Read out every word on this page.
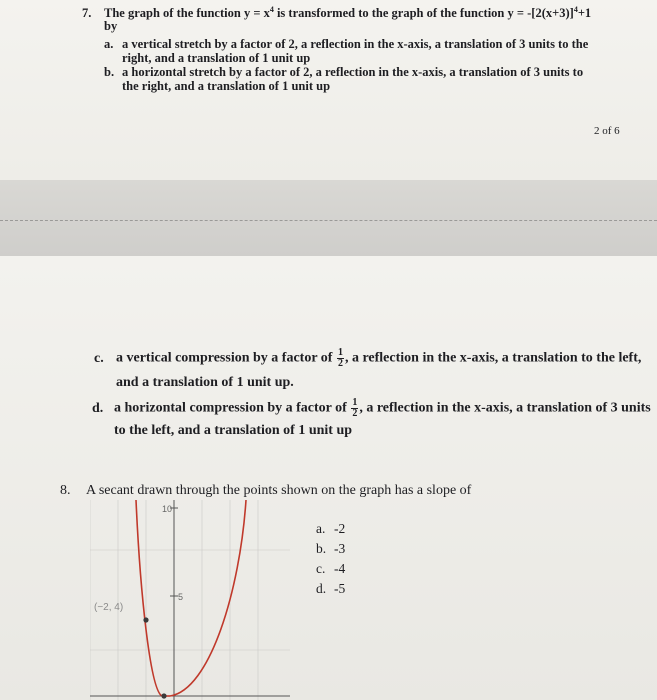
7. The graph of the function $y = x^4$ is transformed to the graph of the function $y = -[2(x+3)]^4+1$
by
a. a vertical stretch by a factor of 2, a reflection in the x-axis, a translation of 3 units to the
right, and a translation of 1 unit up
b. a horizontal stretch by a factor of 2, a reflection in the x-axis, a translation of 3 units to
the right, and a translation of 1 unit up
2 of 6
c. a vertical compression by a factor of $\frac{1}{2}$ , a reflection in the x-axis, a translation to the left,
and a translation of 1 unit up.
d. a horizontal compression by a factor of $\frac{1}{2}$ , a reflection in the x-axis, a translation of 3 units
to the left, and a translation of 1 unit up
8. A secant drawn through the points shown on the graph has a slope of
a. -2
b. -3
c. -4
d. -5
10
5
(−2, 4)
